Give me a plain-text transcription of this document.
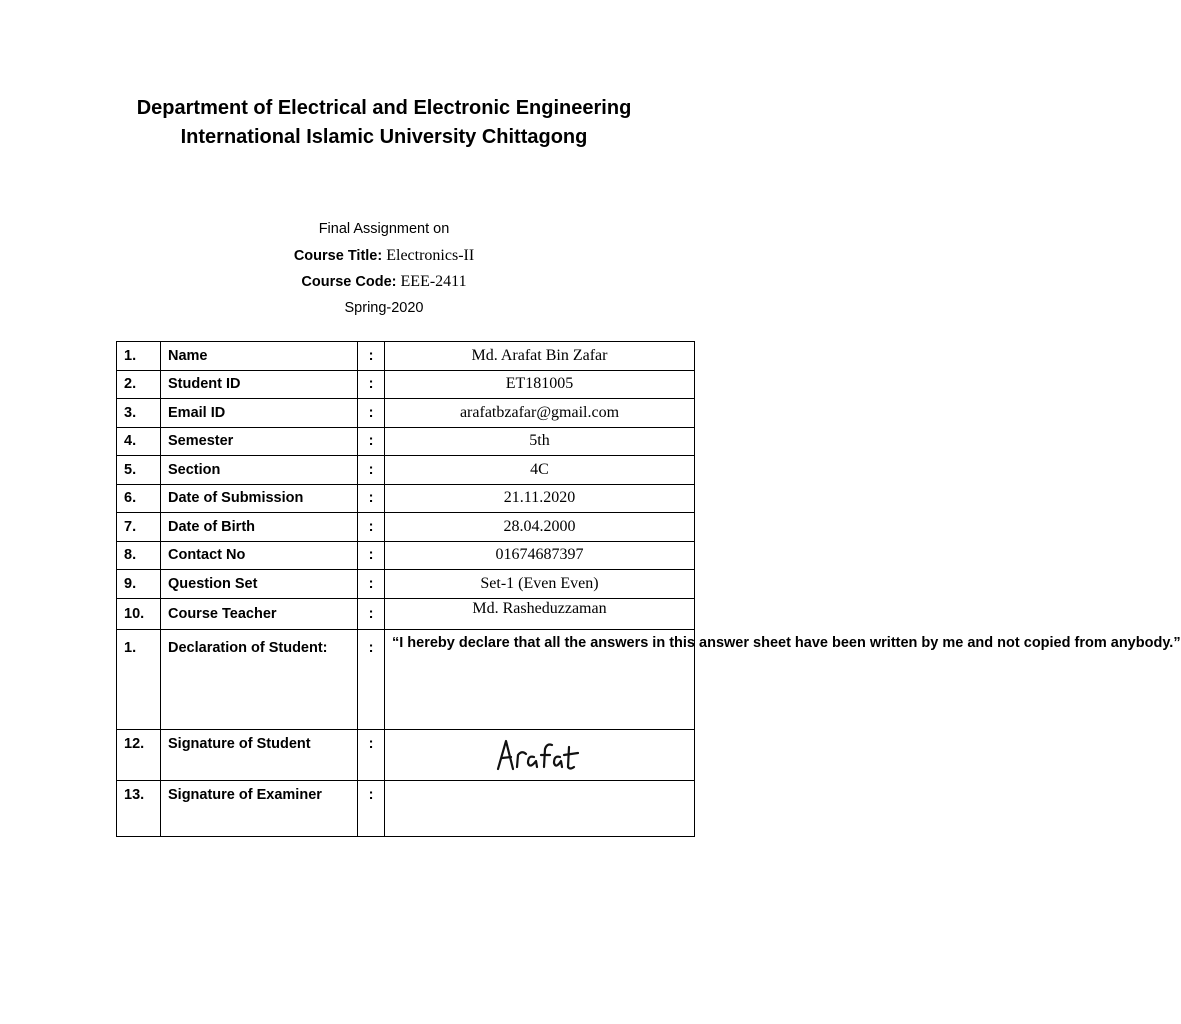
Department of Electrical and Electronic Engineering
International Islamic University Chittagong
Final Assignment on
Course Title: Electronics-II
Course Code: EEE-2411
Spring-2020
1.	Name	:	Md. Arafat Bin Zafar
2.	Student ID	:	ET181005
3.	Email ID	:	arafatbzafar@gmail.com
4.	Semester	:	5th
5.	Section	:	4C
6.	Date of Submission	:	21.11.2020
7.	Date of Birth	:	28.04.2000
8.	Contact No	:	01674687397
9.	Question Set	:	Set-1 (Even Even)
10.	Course Teacher	:	Md. Rasheduzzaman
1.	Declaration of Student:	:	“I hereby declare that all the answers in this answer sheet have been written by me and not copied from anybody.”
12.	Signature of Student	:	

13.	Signature of Examiner	:	
